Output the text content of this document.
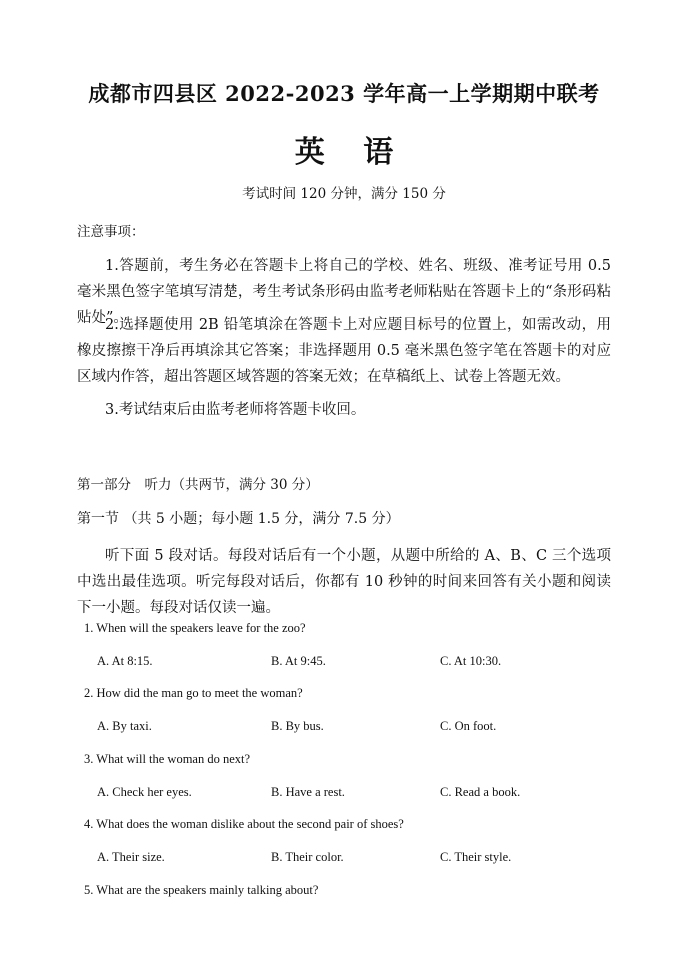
成都市四县区 2022-2023 学年高一上学期期中联考
英 语
考试时间 120 分钟，满分 150 分
注意事项：
1.答题前，考生务必在答题卡上将自己的学校、姓名、班级、准考证号用 0.5 毫米黑色签字笔填写清楚，考生考试条形码由监考老师粘贴在答题卡上的“条形码粘贴处”。
2.选择题使用 2B 铅笔填涂在答题卡上对应题目标号的位置上，如需改动，用橡皮擦擦干净后再填涂其它答案；非选择题用 0.5 毫米黑色签字笔在答题卡的对应区域内作答，超出答题区域答题的答案无效；在草稿纸上、试卷上答题无效。
3.考试结束后由监考老师将答题卡收回。
第一部分　听力（共两节，满分 30 分）
第一节 （共 5 小题；每小题 1.5 分，满分 7.5 分）
听下面 5 段对话。每段对话后有一个小题，从题中所给的 A、B、C 三个选项中选出最佳选项。听完每段对话后，你都有 10 秒钟的时间来回答有关小题和阅读下一小题。每段对话仅读一遍。
1. When will the speakers leave for the zoo?
A. At 8:15.	B. At 9:45.	C. At 10:30.
2. How did the man go to meet the woman?
A. By taxi.	B. By bus.	C. On foot.
3. What will the woman do next?
A. Check her eyes.	B. Have a rest.	C. Read a book.
4. What does the woman dislike about the second pair of shoes?
A. Their size.	B. Their color.	C. Their style.
5. What are the speakers mainly talking about?
